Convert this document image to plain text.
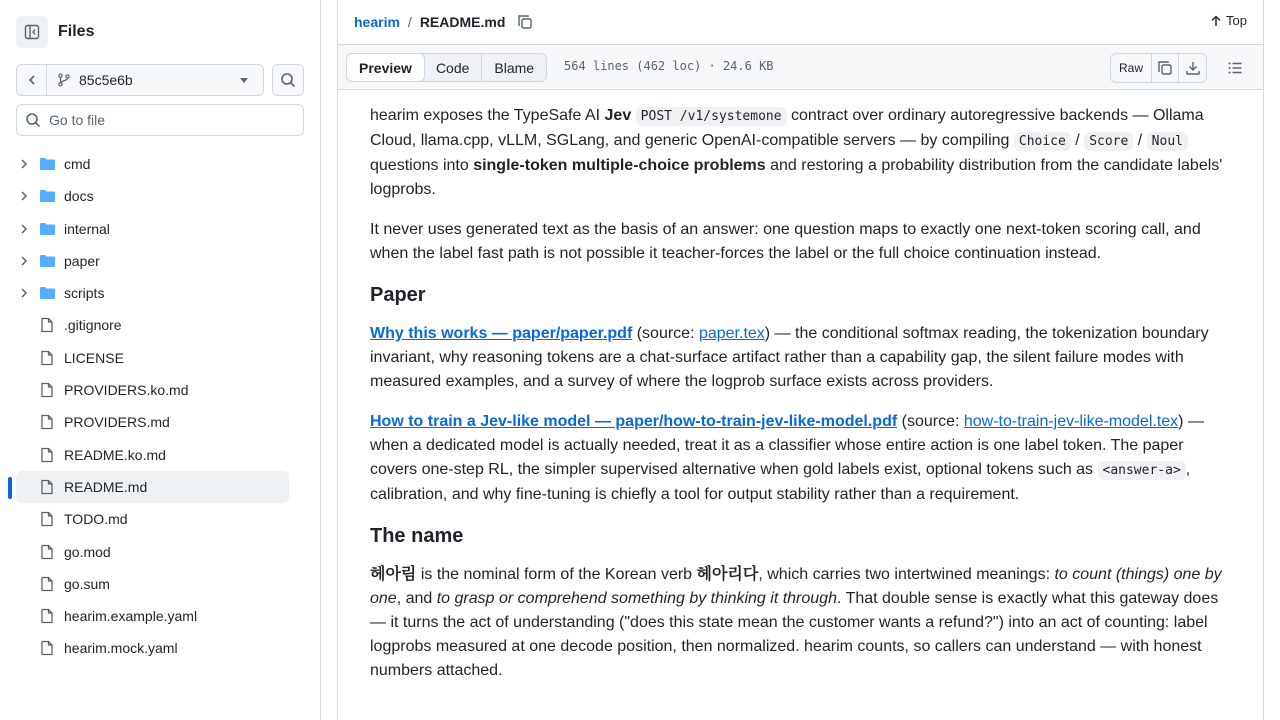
Files
85c5e6b
Go to file
cmd
docs
internal
paper
scripts
.gitignore
LICENSE
PROVIDERS.ko.md
PROVIDERS.md
README.ko.md
README.md
TODO.md
go.mod
go.sum
hearim.example.yaml
hearim.mock.yaml
hearim / README.md	Top
Preview	Code	Blame	564 lines (462 loc) · 24.6 KB	Raw

hearim exposes the TypeSafe AI Jev POST /v1/systemone contract over ordinary autoregressive backends — Ollama Cloud, llama.cpp, vLLM, SGLang, and generic OpenAI-compatible servers — by compiling Choice / Score / Noul questions into single-token multiple-choice problems and restoring a probability distribution from the candidate labels' logprobs.

It never uses generated text as the basis of an answer: one question maps to exactly one next-token scoring call, and when the label fast path is not possible it teacher-forces the label or the full choice continuation instead.

Paper

Why this works — paper/paper.pdf (source: paper.tex) — the conditional softmax reading, the tokenization boundary invariant, why reasoning tokens are a chat-surface artifact rather than a capability gap, the silent failure modes with measured examples, and a survey of where the logprob surface exists across providers.

How to train a Jev-like model — paper/how-to-train-jev-like-model.pdf (source: how-to-train-jev-like-model.tex) — when a dedicated model is actually needed, treat it as a classifier whose entire action is one label token. The paper covers one-step RL, the simpler supervised alternative when gold labels exist, optional tokens such as <answer-a> , calibration, and why fine-tuning is chiefly a tool for output stability rather than a requirement.

The name

헤아림 is the nominal form of the Korean verb 헤아리다, which carries two intertwined meanings: to count (things) one by one, and to grasp or comprehend something by thinking it through. That double sense is exactly what this gateway does — it turns the act of understanding ("does this state mean the customer wants a refund?") into an act of counting: label logprobs measured at one decode position, then normalized. hearim counts, so callers can understand — with honest numbers attached.
